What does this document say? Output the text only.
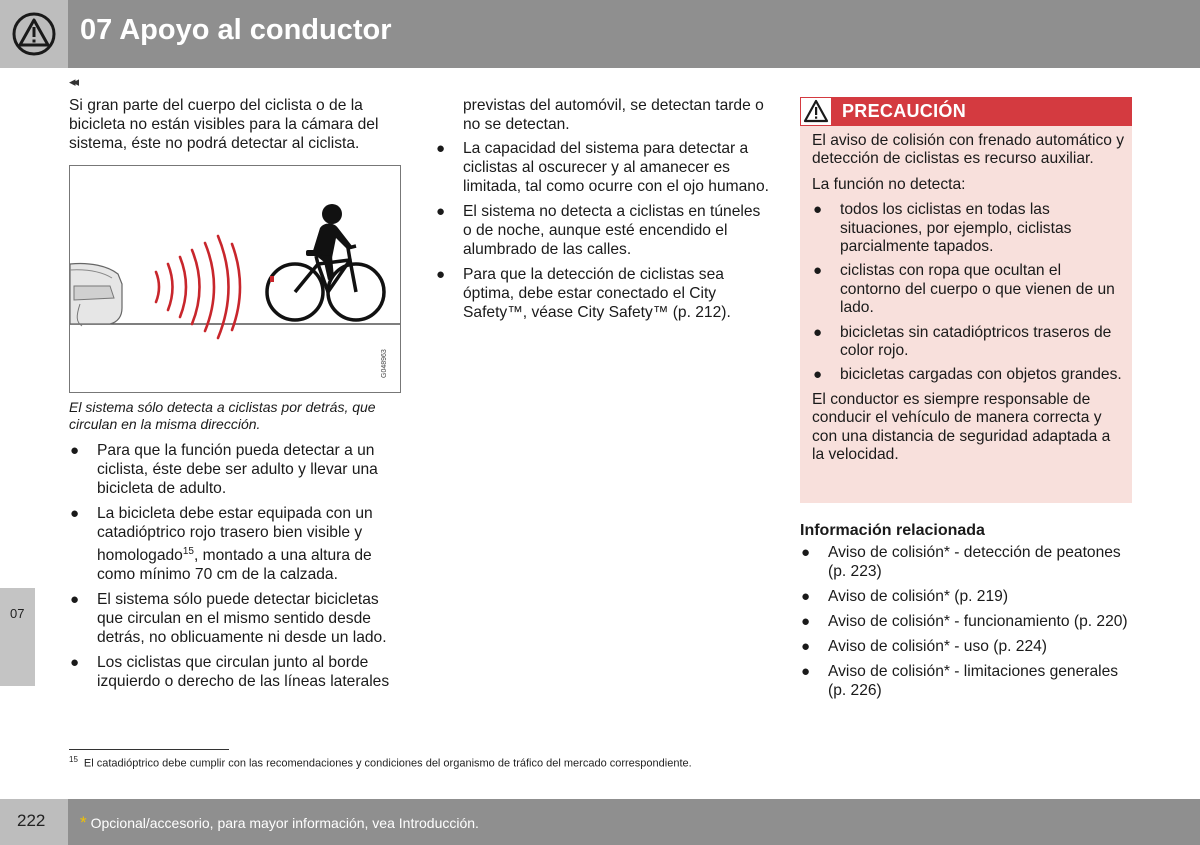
07 Apoyo al conductor
◂◂

Si gran parte del cuerpo del ciclista o de la bicicleta no están visibles para la cámara del sistema, éste no podrá detectar al ciclista.

G048963
El sistema sólo detecta a ciclistas por detrás, que circulan en la misma dirección.
● Para que la función pueda detectar a un ciclista, éste debe ser adulto y llevar una bicicleta de adulto.
● La bicicleta debe estar equipada con un catadióptrico rojo trasero bien visible y homologado$^{15}$, montado a una altura de como mínimo 70 cm de la calzada.
● El sistema sólo puede detectar bicicletas que circulan en el mismo sentido desde detrás, no oblicuamente ni desde un lado.
● Los ciclistas que circulan junto al borde izquierdo o derecho de las líneas laterales

previstas del automóvil, se detectan tarde o no se detectan.

● La capacidad del sistema para detectar a ciclistas al oscurecer y al amanecer es limitada, tal como ocurre con el ojo humano.
● El sistema no detecta a ciclistas en túneles o de noche, aunque esté encendido el alumbrado de las calles.
● Para que la detección de ciclistas sea óptima, debe estar conectado el City Safety™, véase City Safety™ (p. 212).
PRECAUCIÓN

El aviso de colisión con frenado automático y detección de ciclistas es recurso auxiliar.

La función no detecta:

● todos los ciclistas en todas las situaciones, por ejemplo, ciclistas parcialmente tapados.
● ciclistas con ropa que ocultan el contorno del cuerpo o que vienen de un lado.
● bicicletas sin catadióptricos traseros de color rojo.
● bicicletas cargadas con objetos grandes.

El conductor es siempre responsable de conducir el vehículo de manera correcta y con una distancia de seguridad adaptada a la velocidad.

Información relacionada
● Aviso de colisión* - detección de peatones (p. 223)
● Aviso de colisión* (p. 219)
● Aviso de colisión* - funcionamiento (p. 220)
● Aviso de colisión* - uso (p. 224)
● Aviso de colisión* - limitaciones generales (p. 226)
07
$^{15}$ El catadióptrico debe cumplir con las recomendaciones y condiciones del organismo de tráfico del mercado correspondiente.
222 * Opcional/accesorio, para mayor información, vea Introducción.
